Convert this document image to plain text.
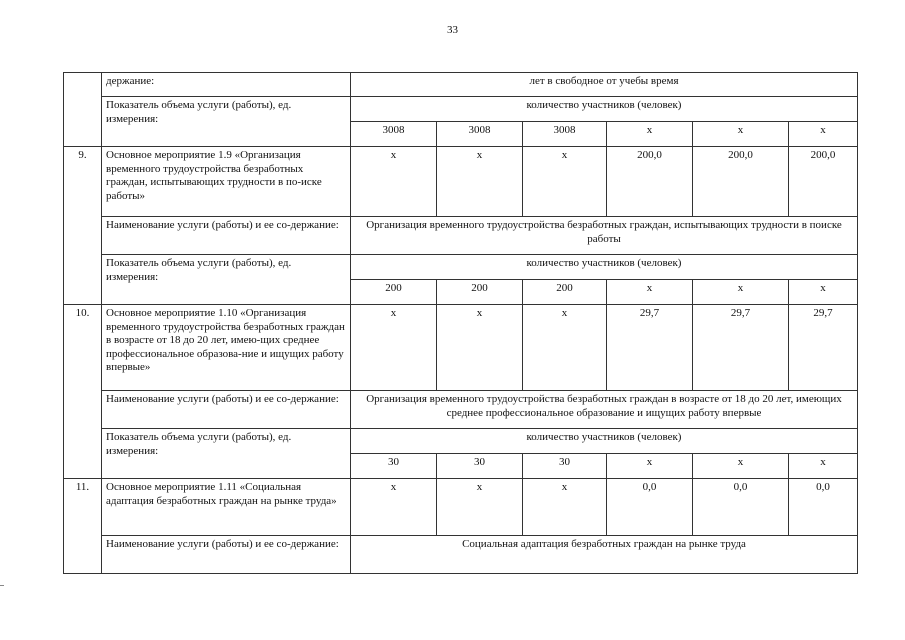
33
	держание:	лет в свободное от учебы время					
	Показатель объема услуги (работы), ед. измерения:	количество участников (человек)					
		3008	3008	3008	х	х	х
9.	Основное мероприятие 1.9 «Организация временного трудоустройства безработных граждан, испытывающих трудности в по-иске работы»	х	х	х	200,0	200,0	200,0
	Наименование услуги (работы) и ее со-держание:	Организация временного трудоустройства безработных граждан, испытывающих трудности в поиске работы					
	Показатель объема услуги (работы), ед. измерения:	количество участников (человек)					
		200	200	200	х	х	х
10.	Основное мероприятие 1.10 «Организация временного трудоустройства безработных граждан в возрасте от 18 до 20 лет, имею-щих среднее профессиональное образова-ние и ищущих работу впервые»	х	х	х	29,7	29,7	29,7
	Наименование услуги (работы) и ее со-держание:	Организация временного трудоустройства безработных граждан в возрасте от 18 до 20 лет, имеющих среднее профессиональное образование и ищущих работу впервые					
	Показатель объема услуги (работы), ед. измерения:	количество участников (человек)					
		30	30	30	х	х	х
11.	Основное мероприятие 1.11 «Социальная адаптация безработных граждан на рынке труда»	х	х	х	0,0	0,0	0,0
	Наименование услуги (работы) и ее со-держание:	Социальная адаптация безработных граждан на рынке труда					
